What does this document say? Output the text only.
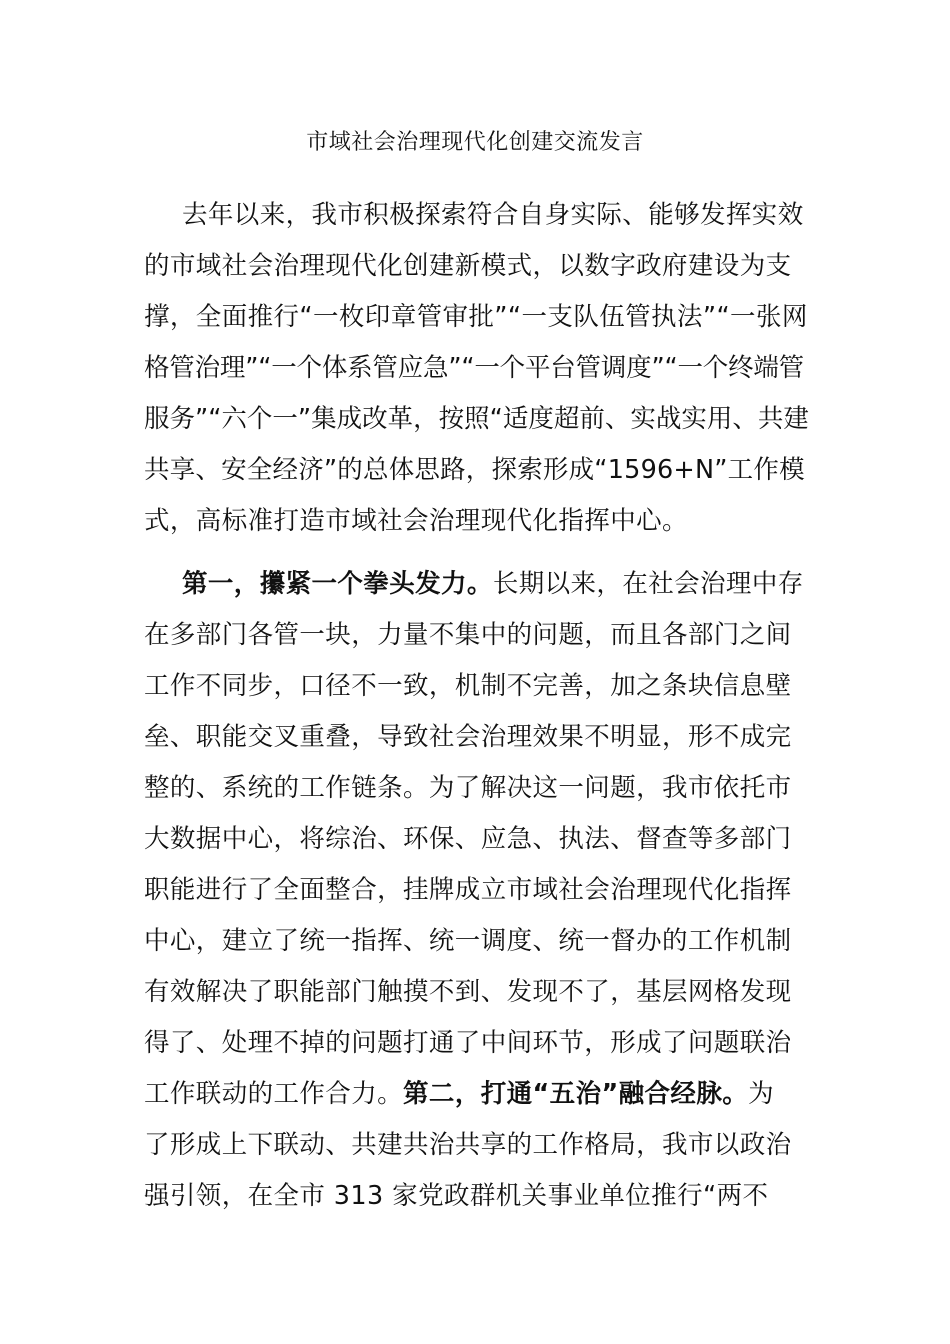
市域社会治理现代化创建交流发言
去年以来，我市积极探索符合自身实际、能够发挥实效
的市域社会治理现代化创建新模式，以数字政府建设为支
撑，全面推行“一枚印章管审批”“一支队伍管执法”“一张网
格管治理”“一个体系管应急”“一个平台管调度”“一个终端管
服务”“六个一”集成改革，按照“适度超前、实战实用、共建
共享、安全经济”的总体思路，探索形成“1596+N”工作模
式，高标准打造市域社会治理现代化指挥中心。
第一，攥紧一个拳头发力。长期以来，在社会治理中存
在多部门各管一块，力量不集中的问题，而且各部门之间
工作不同步，口径不一致，机制不完善，加之条块信息壁
垒、职能交叉重叠，导致社会治理效果不明显，形不成完
整的、系统的工作链条。为了解决这一问题，我市依托市
大数据中心，将综治、环保、应急、执法、督查等多部门
职能进行了全面整合，挂牌成立市域社会治理现代化指挥
中心，建立了统一指挥、统一调度、统一督办的工作机制
有效解决了职能部门触摸不到、发现不了，基层网格发现
得了、处理不掉的问题打通了中间环节，形成了问题联治
工作联动的工作合力。第二，打通“五治”融合经脉。为
了形成上下联动、共建共治共享的工作格局，我市以政治
强引领，在全市 313 家党政群机关事业单位推行“两不
